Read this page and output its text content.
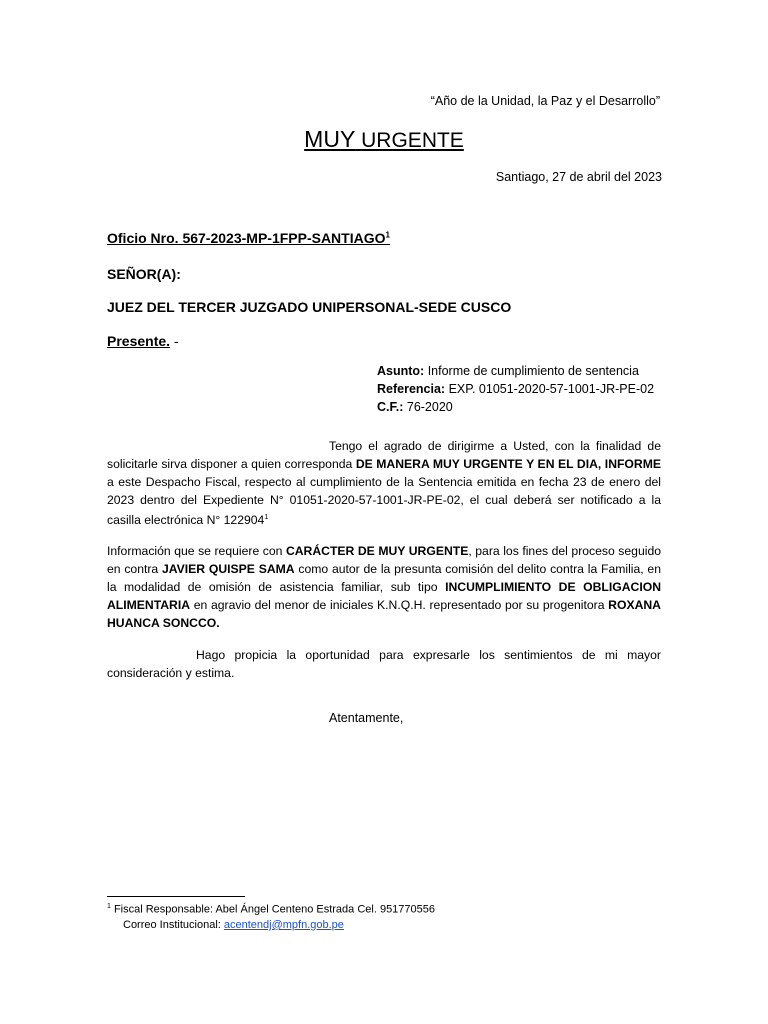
“Año de la Unidad, la Paz y el Desarrollo”
MUY URGENTE
Santiago, 27 de abril del 2023
Oficio Nro. 567-2023-MP-1FPP-SANTIAGO$^1$
SEÑOR(A):
JUEZ DEL TERCER JUZGADO UNIPERSONAL-SEDE CUSCO
Presente. -
Asunto: Informe de cumplimiento de sentencia
Referencia: EXP. 01051-2020-57-1001-JR-PE-02
C.F.: 76-2020
Tengo el agrado de dirigirme a Usted, con la finalidad de solicitarle sirva disponer a quien corresponda DE MANERA MUY URGENTE Y EN EL DIA, INFORME a este Despacho Fiscal, respecto al cumplimiento de la Sentencia emitida en fecha 23 de enero del 2023 dentro del Expediente N° 01051-2020-57-1001-JR-PE-02, el cual deberá ser notificado a la casilla electrónica N° 122904$^1$
Información que se requiere con CARÁCTER DE MUY URGENTE, para los fines del proceso seguido en contra JAVIER QUISPE SAMA como autor de la presunta comisión del delito contra la Familia, en la modalidad de omisión de asistencia familiar, sub tipo INCUMPLIMIENTO DE OBLIGACION ALIMENTARIA en agravio del menor de iniciales K.N.Q.H. representado por su progenitora ROXANA HUANCA SONCCO.
Hago propicia la oportunidad para expresarle los sentimientos de mi mayor consideración y estima.
Atentamente,
$^1$ Fiscal Responsable: Abel Ángel Centeno Estrada Cel. 951770556
Correo Institucional: acentendj@mpfn.gob.pe
